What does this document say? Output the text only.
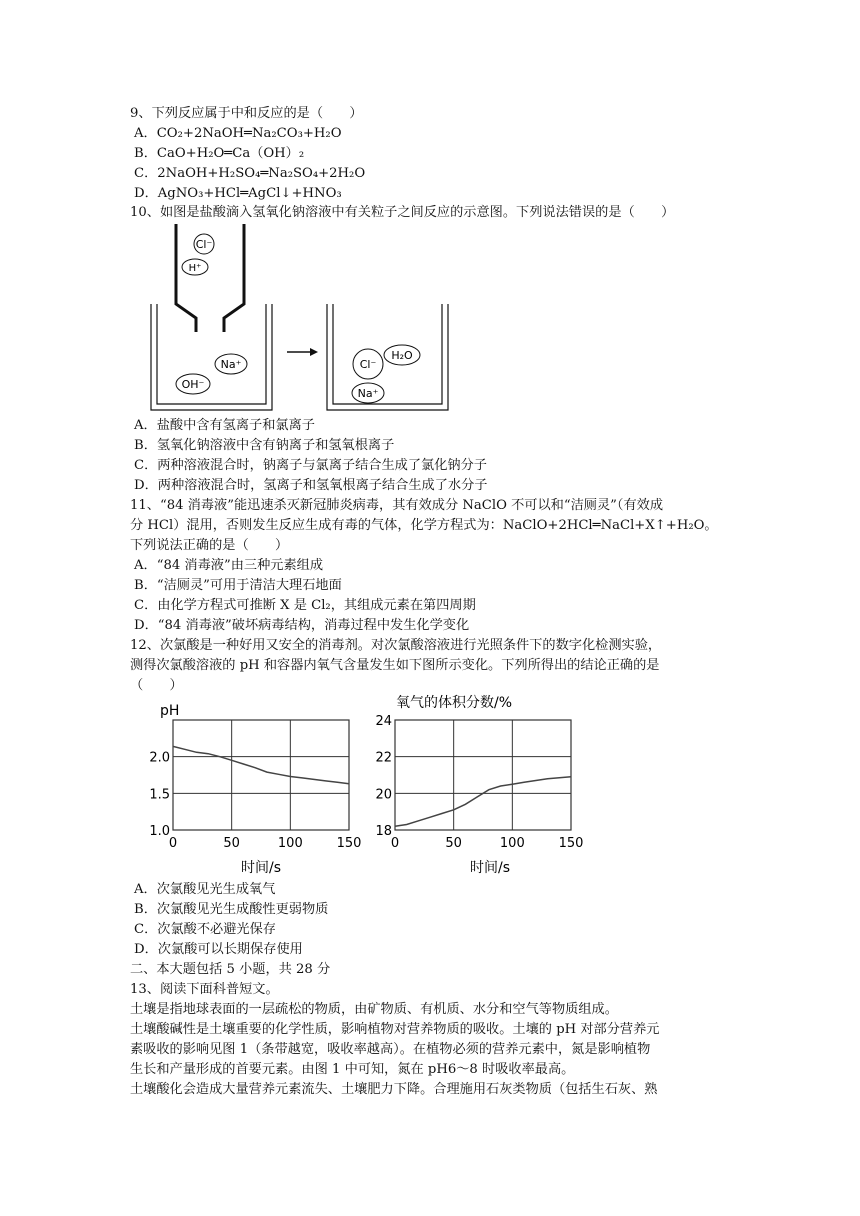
9、下列反应属于中和反应的是（　　）
A．CO₂+2NaOH═Na₂CO₃+H₂O
B．CaO+H₂O═Ca（OH）₂
C．2NaOH+H₂SO₄═Na₂SO₄+2H₂O
D．AgNO₃+HCl═AgCl↓+HNO₃
10、如图是盐酸滴入氢氧化钠溶液中有关粒子之间反应的示意图。下列说法错误的是（　　）
Cl⁻
H⁺
Na⁺
OH⁻
Cl⁻
H₂O
Na⁺
A．盐酸中含有氢离子和氯离子
B．氢氧化钠溶液中含有钠离子和氢氧根离子
C．两种溶液混合时，钠离子与氯离子结合生成了氯化钠分子
D．两种溶液混合时，氢离子和氢氧根离子结合生成了水分子
11、“84 消毒液”能迅速杀灭新冠肺炎病毒，其有效成分 NaClO 不可以和“洁厕灵”（有效成
分 HCl）混用，否则发生反应生成有毒的气体，化学方程式为：NaClO+2HCl═NaCl+X↑+H₂O。
下列说法正确的是（　　）
A．“84 消毒液”由三种元素组成
B．“洁厕灵”可用于清洁大理石地面
C．由化学方程式可推断 X 是 Cl₂，其组成元素在第四周期
D．“84 消毒液”破坏病毒结构，消毒过程中发生化学变化
12、次氯酸是一种好用又安全的消毒剂。对次氯酸溶液进行光照条件下的数字化检测实验，
测得次氯酸溶液的 pH 和容器内氧气含量发生如下图所示变化。下列所得出的结论正确的是
（　　）
pH
0	50	100	150
1.0
1.5
2.0
时间/s
氧气的体积分数/%
0	50	100	150
18
20
22
24
时间/s
A．次氯酸见光生成氧气
B．次氯酸见光生成酸性更弱物质
C．次氯酸不必避光保存
D．次氯酸可以长期保存使用
二、本大题包括 5 小题，共 28 分
13、阅读下面科普短文。
土壤是指地球表面的一层疏松的物质，由矿物质、有机质、水分和空气等物质组成。
土壤酸碱性是土壤重要的化学性质，影响植物对营养物质的吸收。土壤的 pH 对部分营养元
素吸收的影响见图 1（条带越宽，吸收率越高）。在植物必须的营养元素中，氮是影响植物
生长和产量形成的首要元素。由图 1 中可知，氮在 pH6～8 时吸收率最高。
土壤酸化会造成大量营养元素流失、土壤肥力下降。合理施用石灰类物质（包括生石灰、熟
